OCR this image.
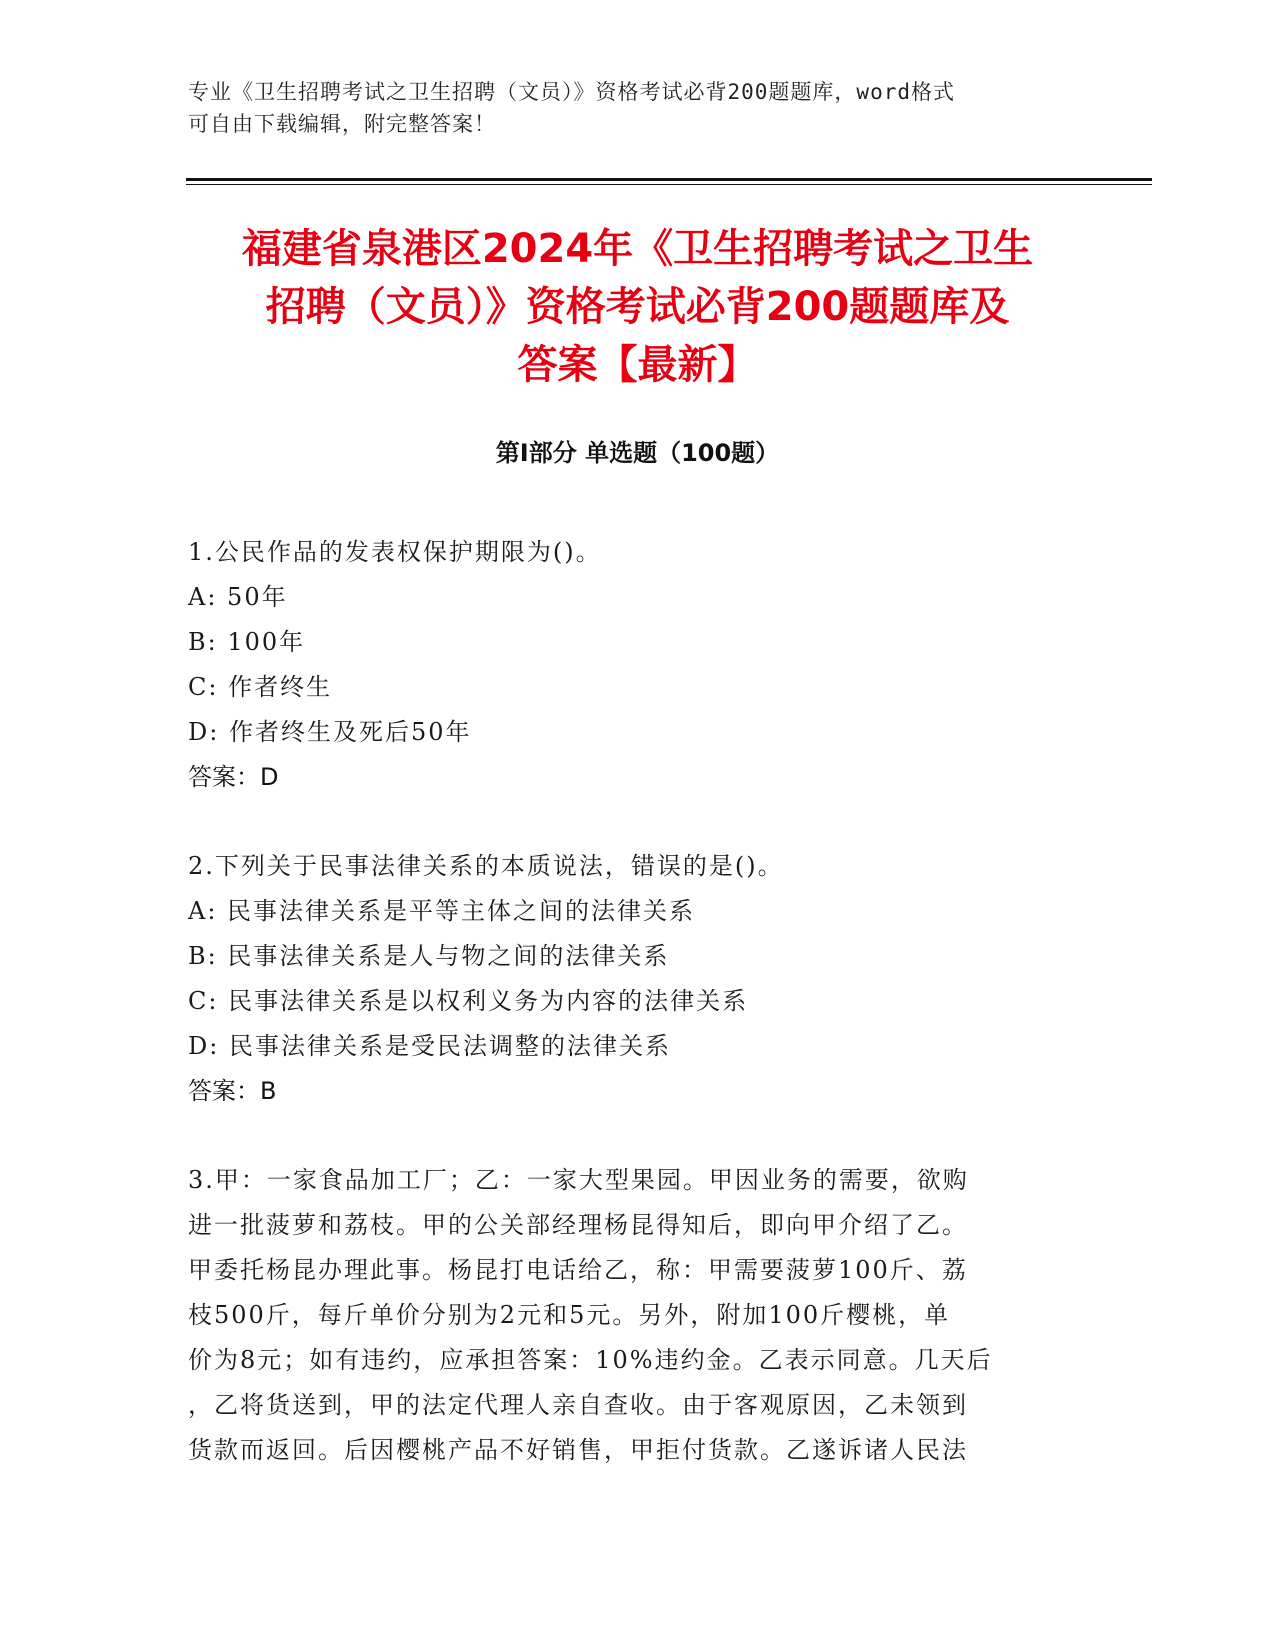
专业《卫生招聘考试之卫生招聘（文员）》资格考试必背200题题库，word格式
可自由下载编辑，附完整答案！
福建省泉港区2024年《卫生招聘考试之卫生
招聘（文员）》资格考试必背200题题库及
答案【最新】
第I部分 单选题（100题）
1.公民作品的发表权保护期限为()。
A: 50年
B: 100年
C: 作者终生
D: 作者终生及死后50年
答案：D
2.下列关于民事法律关系的本质说法，错误的是()。
A: 民事法律关系是平等主体之间的法律关系
B: 民事法律关系是人与物之间的法律关系
C: 民事法律关系是以权利义务为内容的法律关系
D: 民事法律关系是受民法调整的法律关系
答案：B
3.甲：一家食品加工厂；乙：一家大型果园。甲因业务的需要，欲购
进一批菠萝和荔枝。甲的公关部经理杨昆得知后，即向甲介绍了乙。
甲委托杨昆办理此事。杨昆打电话给乙，称：甲需要菠萝100斤、荔
枝500斤，每斤单价分别为2元和5元。另外，附加100斤樱桃，单
价为8元；如有违约，应承担答案：10%违约金。乙表示同意。几天后
，乙将货送到，甲的法定代理人亲自查收。由于客观原因，乙未领到
货款而返回。后因樱桃产品不好销售，甲拒付货款。乙遂诉诸人民法
